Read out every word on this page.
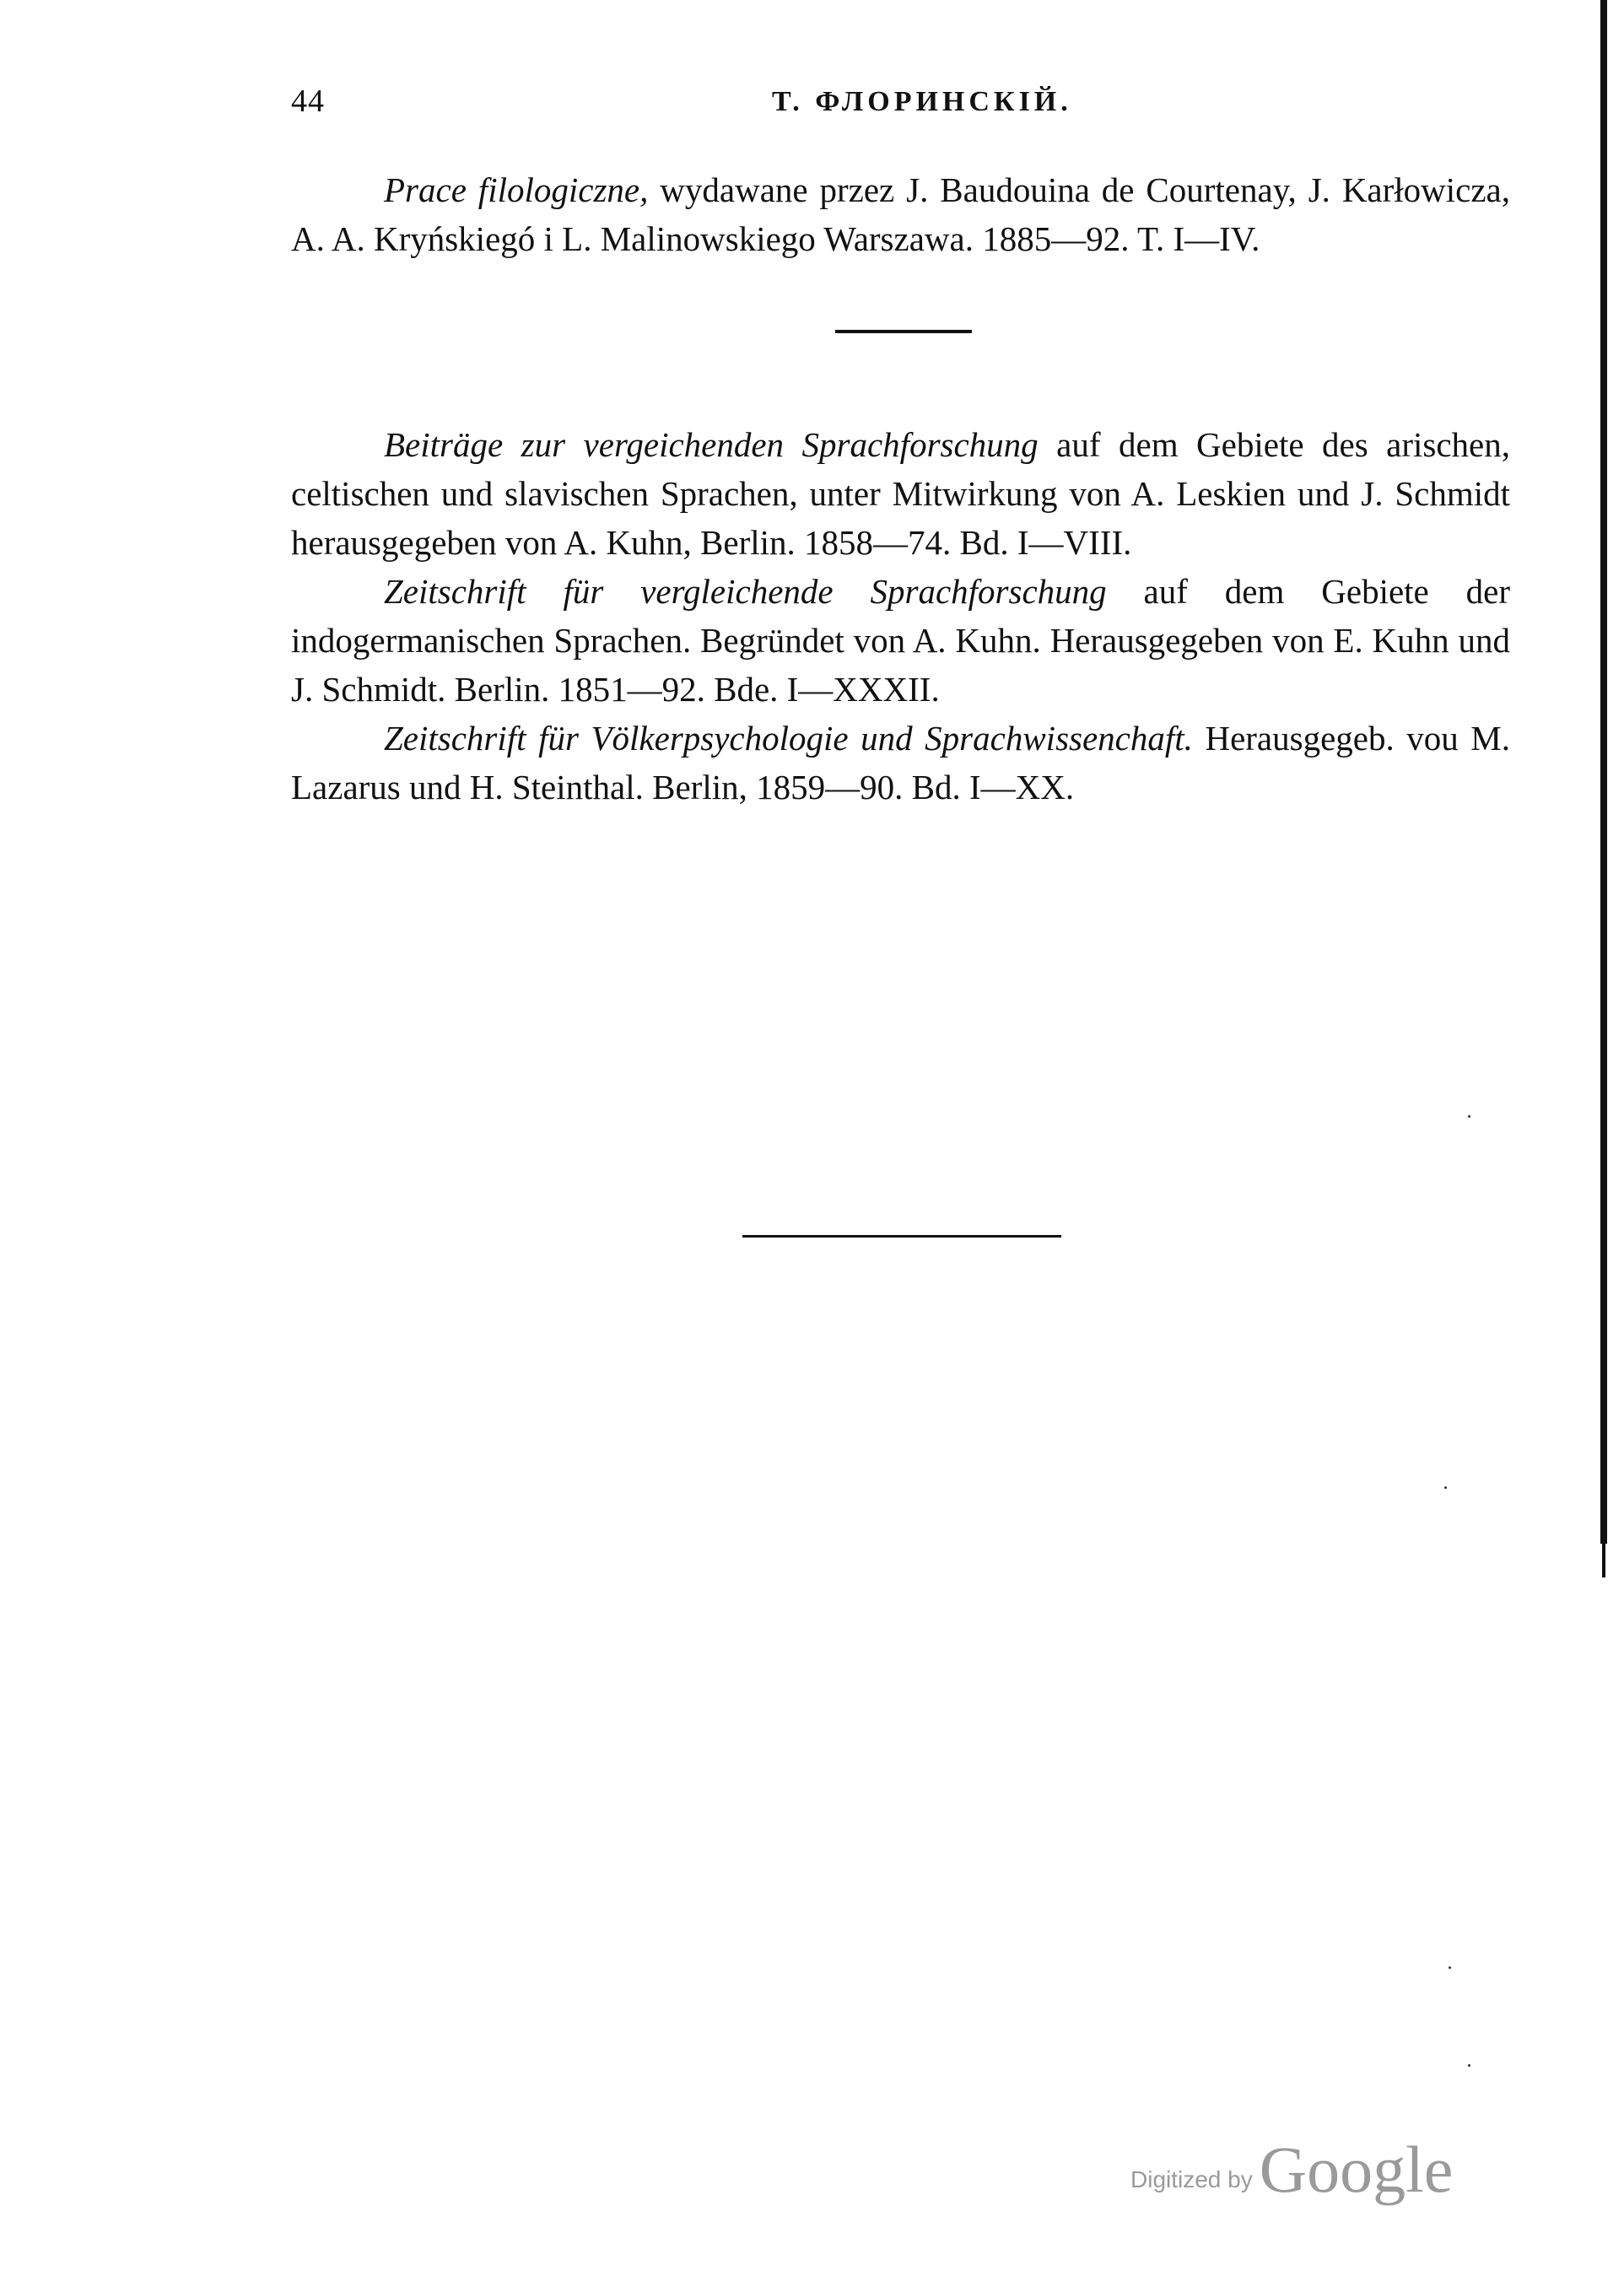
44	Т. ФЛОРИНСКІЙ.

Prace filologiczne, wydawane przez J. Baudouina de Courtenay, J. Karłowicza, A. A. Kryńskiegó i L. Malinowskiego Warszawa. 1885—92. T. I—IV.

Beiträge zur vergeichenden Sprachforschung auf dem Gebiete des arischen, celtischen und slavischen Sprachen, unter Mitwirkung von A. Leskien und J. Schmidt herausgegeben von A. Kuhn, Berlin. 1858—74. Bd. I—VIII.

Zeitschrift für vergleichende Sprachforschung auf dem Gebiete der indogermanischen Sprachen. Begründet von A. Kuhn. Herausgegeben von E. Kuhn und J. Schmidt. Berlin. 1851—92. Bde. I—XXXII.

Zeitschrift für Völkerpsychologie und Sprachwissenchaft. Herausgegeb. vou M. Lazarus und H. Steinthal. Berlin, 1859—90. Bd. I—XX.

Digitized by Google
